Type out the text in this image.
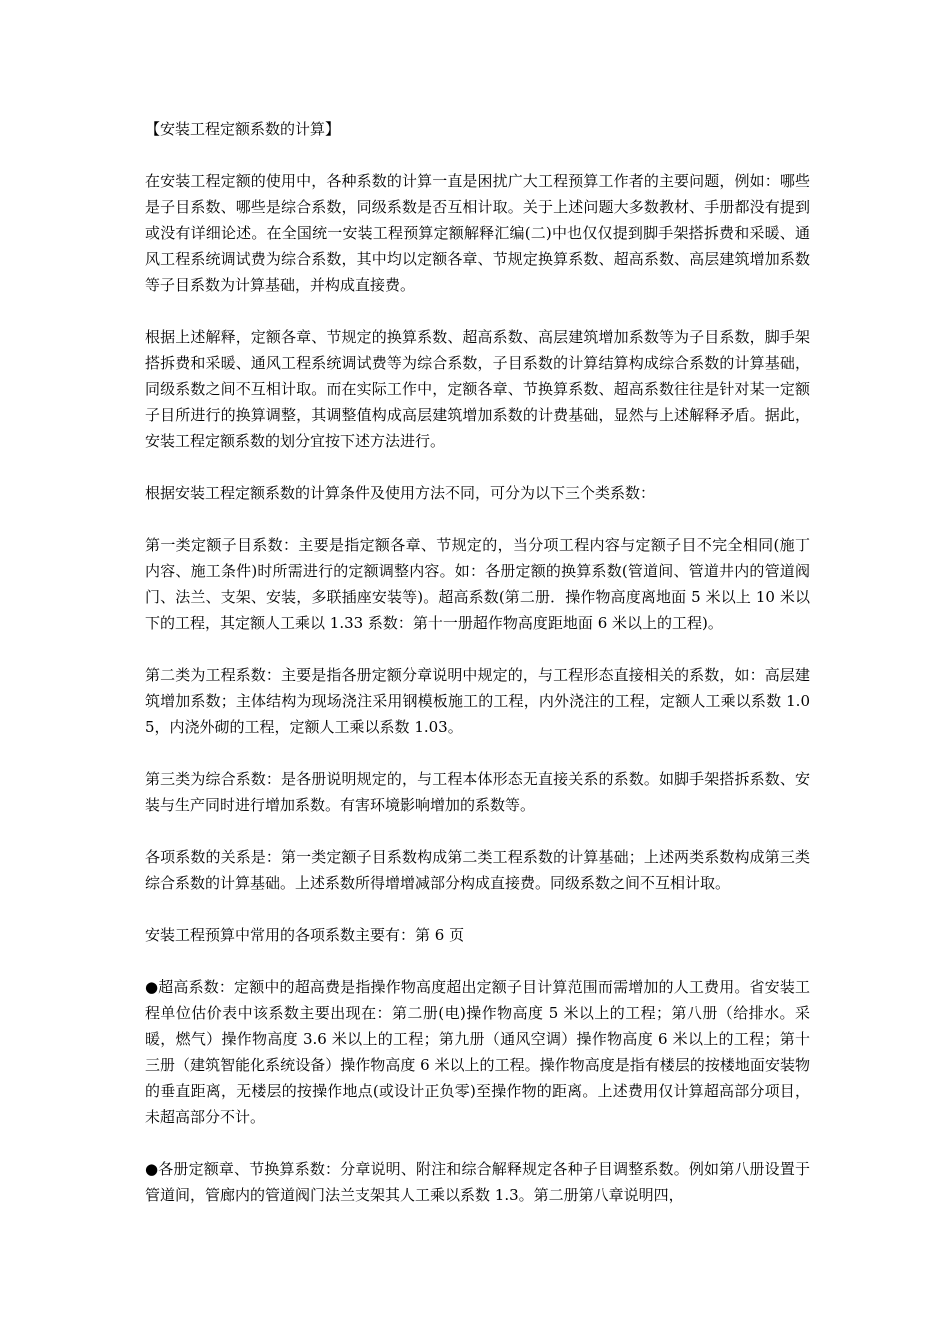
【安装工程定额系数的计算】

在安装工程定额的使用中，各种系数的计算一直是困扰广大工程预算工作者的主要问题，例如：哪些是子目系数、哪些是综合系数，同级系数是否互相计取。关于上述问题大多数教材、手册都没有提到或没有详细论述。在全国统一安装工程预算定额解释汇编(二)中也仅仅提到脚手架搭拆费和采暖、通风工程系统调试费为综合系数，其中均以定额各章、节规定换算系数、超高系数、高层建筑增加系数等子目系数为计算基础，并构成直接费。

根据上述解释，定额各章、节规定的换算系数、超高系数、高层建筑增加系数等为子目系数，脚手架搭拆费和采暖、通风工程系统调试费等为综合系数，子目系数的计算结算构成综合系数的计算基础，同级系数之间不互相计取。而在实际工作中，定额各章、节换算系数、超高系数往往是针对某一定额子目所进行的换算调整，其调整值构成高层建筑增加系数的计费基础，显然与上述解释矛盾。据此，安装工程定额系数的划分宜按下述方法进行。

根据安装工程定额系数的计算条件及使用方法不同，可分为以下三个类系数：

第一类定额子目系数：主要是指定额各章、节规定的，当分项工程内容与定额子目不完全相同(施丁内容、施工条件)时所需进行的定额调整内容。如：各册定额的换算系数(管道间、管道井内的管道阀门、法兰、支架、安装，多联插座安装等)。超高系数(第二册．操作物高度离地面 5 米以上 10 米以下的工程，其定额人工乘以 1.33 系数：第十一册超作物高度距地面 6 米以上的工程)。

第二类为工程系数：主要是指各册定额分章说明中规定的，与工程形态直接相关的系数，如：高层建筑增加系数；主体结构为现场浇注采用钢模板施工的工程，内外浇注的工程，定额人工乘以系数 1.05，内浇外砌的工程，定额人工乘以系数 1.03。

第三类为综合系数：是各册说明规定的，与工程本体形态无直接关系的系数。如脚手架搭拆系数、安装与生产同时进行增加系数。有害环境影响增加的系数等。

各项系数的关系是：第一类定额子目系数构成第二类工程系数的计算基础；上述两类系数构成第三类综合系数的计算基础。上述系数所得增增减部分构成直接费。同级系数之间不互相计取。

安装工程预算中常用的各项系数主要有：第 6 页

●超高系数：定额中的超高费是指操作物高度超出定额子目计算范围而需增加的人工费用。省安装工程单位估价表中该系数主要出现在：第二册(电)操作物高度 5 米以上的工程；第八册（给排水。采暖，燃气）操作物高度 3.6 米以上的工程；第九册（通风空调）操作物高度 6 米以上的工程；第十三册（建筑智能化系统设备）操作物高度 6 米以上的工程。操作物高度是指有楼层的按楼地面安装物的垂直距离，无楼层的按操作地点(或设计正负零)至操作物的距离。上述费用仅计算超高部分项目，未超高部分不计。

●各册定额章、节换算系数：分章说明、附注和综合解释规定各种子目调整系数。例如第八册设置于管道间，管廊内的管道阀门法兰支架其人工乘以系数 1.3。第二册第八章说明四，
